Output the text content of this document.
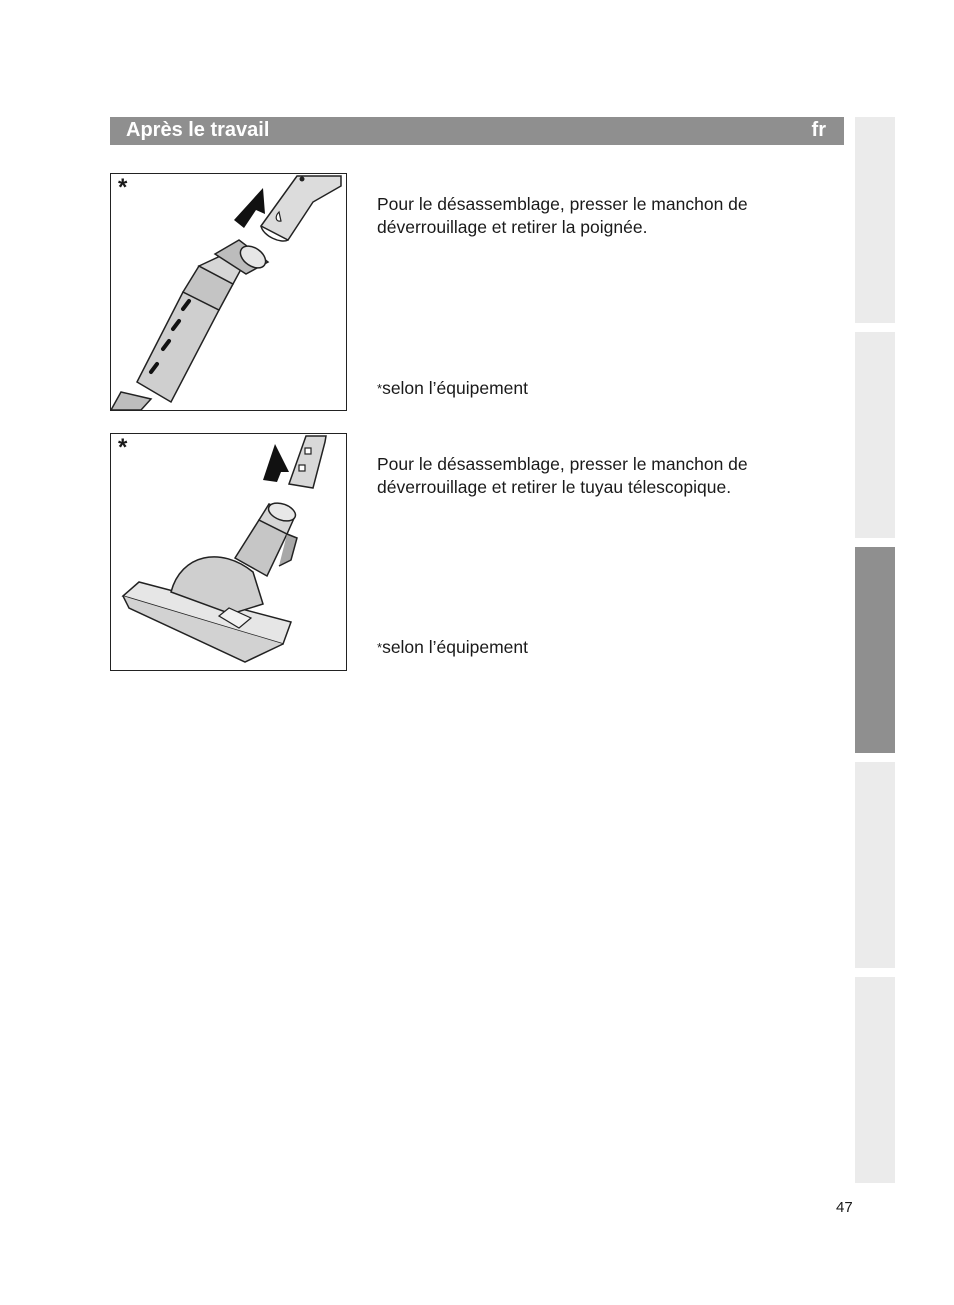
Après le travail	fr
*
Pour le désassemblage, presser le manchon de déverrouillage et retirer la poignée.
*selon l’équipement
*
Pour le désassemblage, presser le manchon de déverrouillage et retirer le tuyau télescopique.
*selon l’équipement
47
